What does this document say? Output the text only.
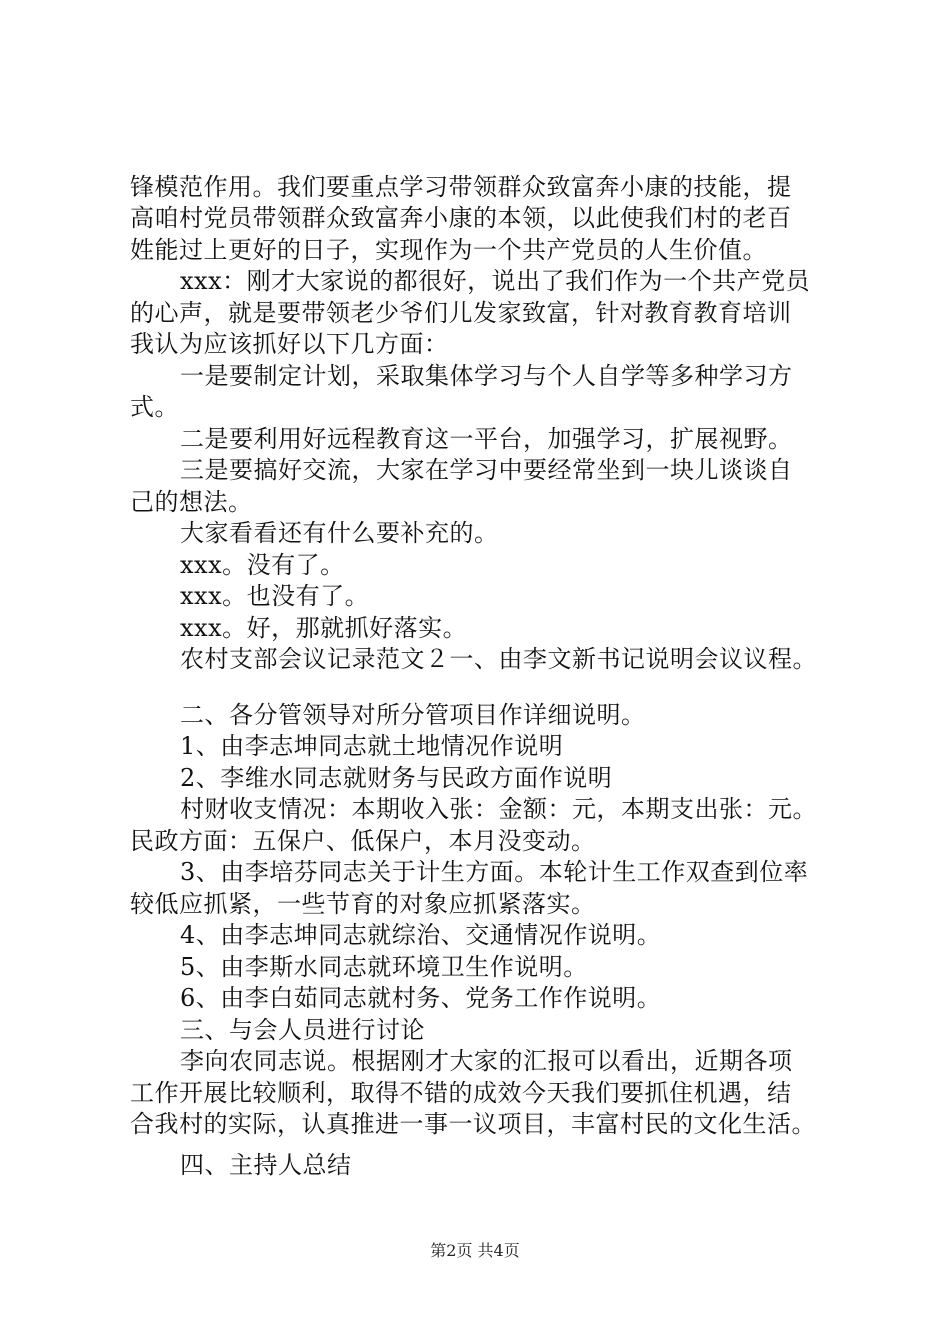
锋模范作用。我们要重点学习带领群众致富奔小康的技能，提
高咱村党员带领群众致富奔小康的本领，以此使我们村的老百
姓能过上更好的日子，实现作为一个共产党员的人生价值。
xxx：刚才大家说的都很好，说出了我们作为一个共产党员
的心声，就是要带领老少爷们儿发家致富，针对教育教育培训
我认为应该抓好以下几方面：
一是要制定计划，采取集体学习与个人自学等多种学习方
式。
二是要利用好远程教育这一平台，加强学习，扩展视野。
三是要搞好交流，大家在学习中要经常坐到一块儿谈谈自
己的想法。
大家看看还有什么要补充的。
xxx。没有了。
xxx。也没有了。
xxx。好，那就抓好落实。
农村支部会议记录范文２一、由李文新书记说明会议议程。
二、各分管领导对所分管项目作详细说明。
1、由李志坤同志就土地情况作说明
2、李维水同志就财务与民政方面作说明
村财收支情况：本期收入张：金额：元，本期支出张：元。
民政方面：五保户、低保户，本月没变动。
3、由李培芬同志关于计生方面。本轮计生工作双查到位率
较低应抓紧，一些节育的对象应抓紧落实。
4、由李志坤同志就综治、交通情况作说明。
5、由李斯水同志就环境卫生作说明。
6、由李白茹同志就村务、党务工作作说明。
三、与会人员进行讨论
李向农同志说。根据刚才大家的汇报可以看出，近期各项
工作开展比较顺利，取得不错的成效今天我们要抓住机遇，结
合我村的实际，认真推进一事一议项目，丰富村民的文化生活。
四、主持人总结
第2页 共4页
